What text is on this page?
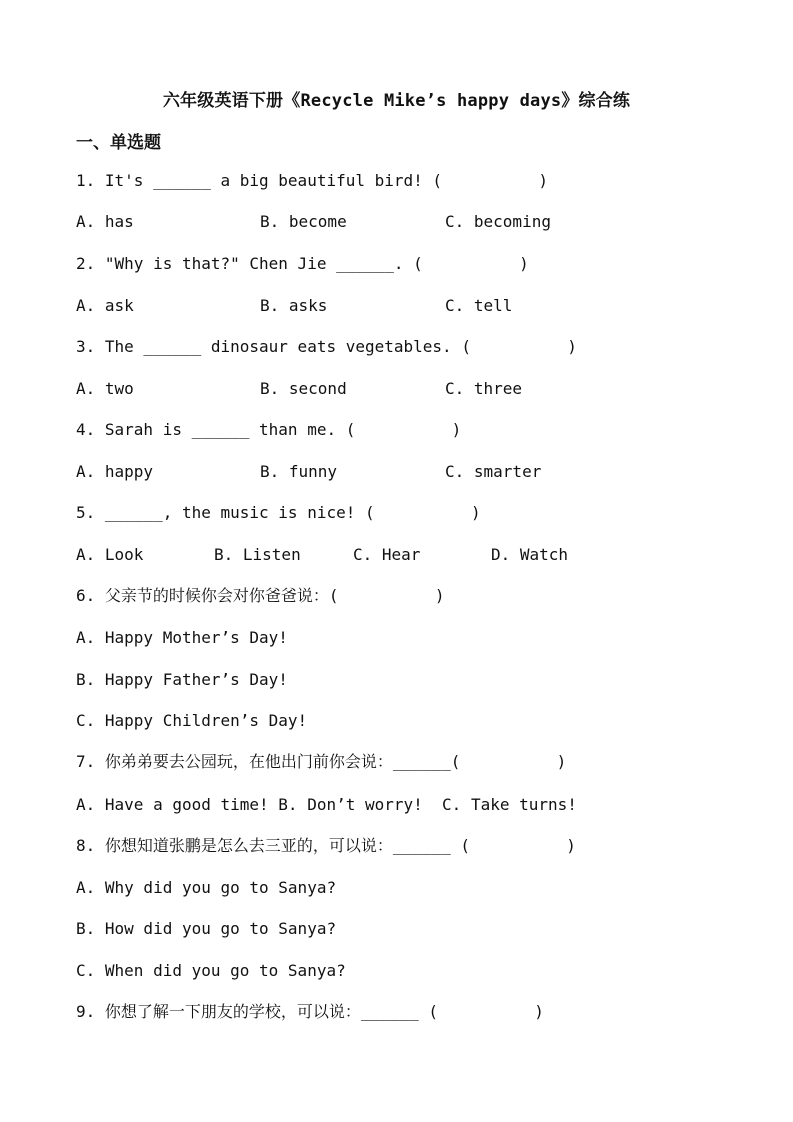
六年级英语下册《Recycle Mike’s happy days》综合练
一、单选题
1. It's ______ a big beautiful bird! (          )
A. has	B. become	C. becoming
2. "Why is that?" Chen Jie ______. (          )
A. ask	B. asks	C. tell
3. The ______ dinosaur eats vegetables. (          )
A. two	B. second	C. three
4. Sarah is ______ than me. (          )
A. happy	B. funny	C. smarter
5. ______, the music is nice! (          )
A. Look	B. Listen	C. Hear	D. Watch
6. 父亲节的时候你会对你爸爸说：(          )
A. Happy Mother’s Day!
B. Happy Father’s Day!
C. Happy Children’s Day!
7. 你弟弟要去公园玩，在他出门前你会说：______(          )
A. Have a good time! B. Don’t worry!  C. Take turns!
8. 你想知道张鹏是怎么去三亚的，可以说：______ (          )
A. Why did you go to Sanya?
B. How did you go to Sanya?
C. When did you go to Sanya?
9. 你想了解一下朋友的学校，可以说：______ (          )
